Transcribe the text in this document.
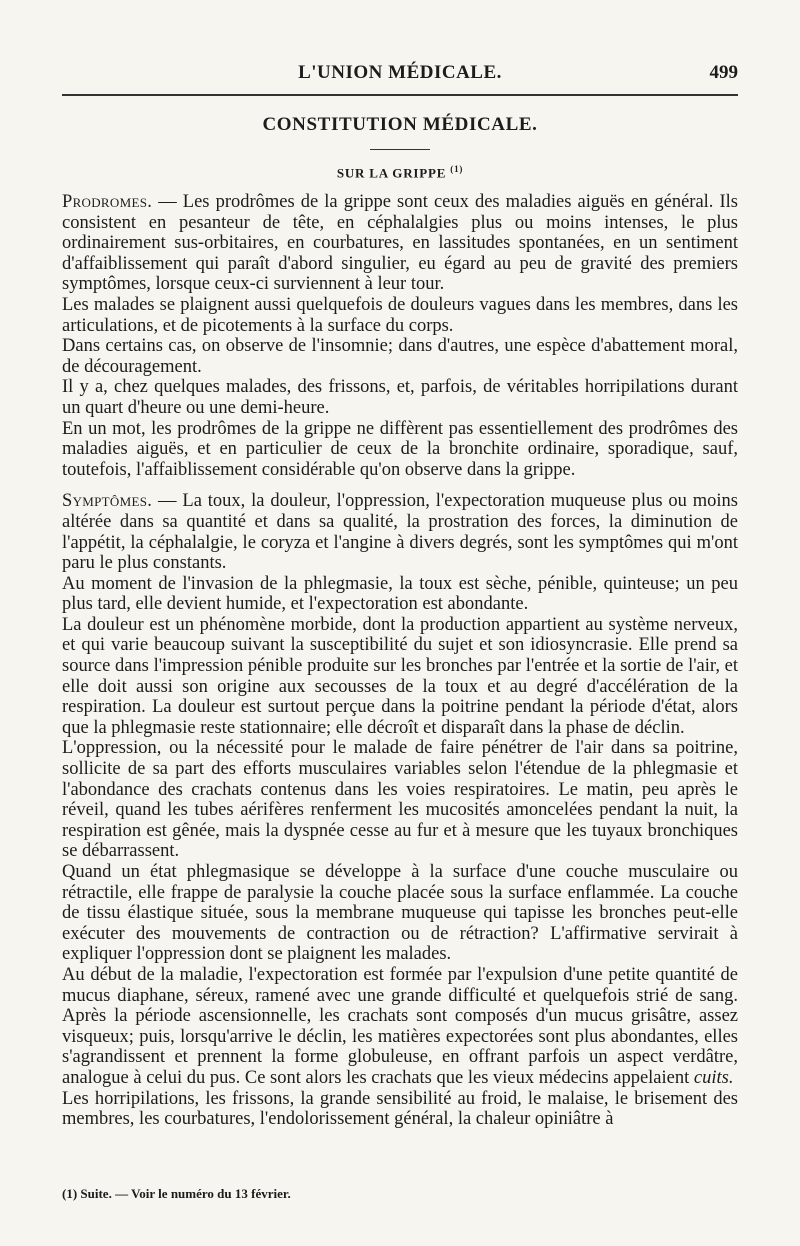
L'UNION MÉDICALE.	499
CONSTITUTION MÉDICALE.
SUR LA GRIPPE $^{(1)}$

Prodromes. — Les prodrômes de la grippe sont ceux des maladies aiguës en général. Ils consistent en pesanteur de tête, en céphalalgies plus ou moins intenses, le plus ordinairement sus-orbitaires, en courbatures, en lassitudes spontanées, en un sentiment d'affaiblissement qui paraît d'abord singulier, eu égard au peu de gravité des premiers symptômes, lorsque ceux-ci surviennent à leur tour.

Les malades se plaignent aussi quelquefois de douleurs vagues dans les membres, dans les articulations, et de picotements à la surface du corps.

Dans certains cas, on observe de l'insomnie; dans d'autres, une espèce d'abattement moral, de découragement.

Il y a, chez quelques malades, des frissons, et, parfois, de véritables horripilations durant un quart d'heure ou une demi-heure.

En un mot, les prodrômes de la grippe ne diffèrent pas essentiellement des prodrômes des maladies aiguës, et en particulier de ceux de la bronchite ordinaire, sporadique, sauf, toutefois, l'affaiblissement considérable qu'on observe dans la grippe.

Symptômes. — La toux, la douleur, l'oppression, l'expectoration muqueuse plus ou moins altérée dans sa quantité et dans sa qualité, la prostration des forces, la diminution de l'appétit, la céphalalgie, le coryza et l'angine à divers degrés, sont les symptômes qui m'ont paru le plus constants.

Au moment de l'invasion de la phlegmasie, la toux est sèche, pénible, quinteuse; un peu plus tard, elle devient humide, et l'expectoration est abondante.

La douleur est un phénomène morbide, dont la production appartient au système nerveux, et qui varie beaucoup suivant la susceptibilité du sujet et son idiosyncrasie. Elle prend sa source dans l'impression pénible produite sur les bronches par l'entrée et la sortie de l'air, et elle doit aussi son origine aux secousses de la toux et au degré d'accélération de la respiration. La douleur est surtout perçue dans la poitrine pendant la période d'état, alors que la phlegmasie reste stationnaire; elle décroît et disparaît dans la phase de déclin.

L'oppression, ou la nécessité pour le malade de faire pénétrer de l'air dans sa poitrine, sollicite de sa part des efforts musculaires variables selon l'étendue de la phlegmasie et l'abondance des crachats contenus dans les voies respiratoires. Le matin, peu après le réveil, quand les tubes aérifères renferment les mucosités amoncelées pendant la nuit, la respiration est gênée, mais la dyspnée cesse au fur et à mesure que les tuyaux bronchiques se débarrassent.

Quand un état phlegmasique se développe à la surface d'une couche musculaire ou rétractile, elle frappe de paralysie la couche placée sous la surface enflammée. La couche de tissu élastique située, sous la membrane muqueuse qui tapisse les bronches peut-elle exécuter des mouvements de contraction ou de rétraction? L'affirmative servirait à expliquer l'oppression dont se plaignent les malades.

Au début de la maladie, l'expectoration est formée par l'expulsion d'une petite quantité de mucus diaphane, séreux, ramené avec une grande difficulté et quelquefois strié de sang. Après la période ascensionnelle, les crachats sont composés d'un mucus grisâtre, assez visqueux; puis, lorsqu'arrive le déclin, les matières expectorées sont plus abondantes, elles s'agrandissent et prennent la forme globuleuse, en offrant parfois un aspect verdâtre, analogue à celui du pus. Ce sont alors les crachats que les vieux médecins appelaient cuits.

Les horripilations, les frissons, la grande sensibilité au froid, le malaise, le brisement des membres, les courbatures, l'endolorissement général, la chaleur opiniâtre à

(1) Suite. — Voir le numéro du 13 février.
